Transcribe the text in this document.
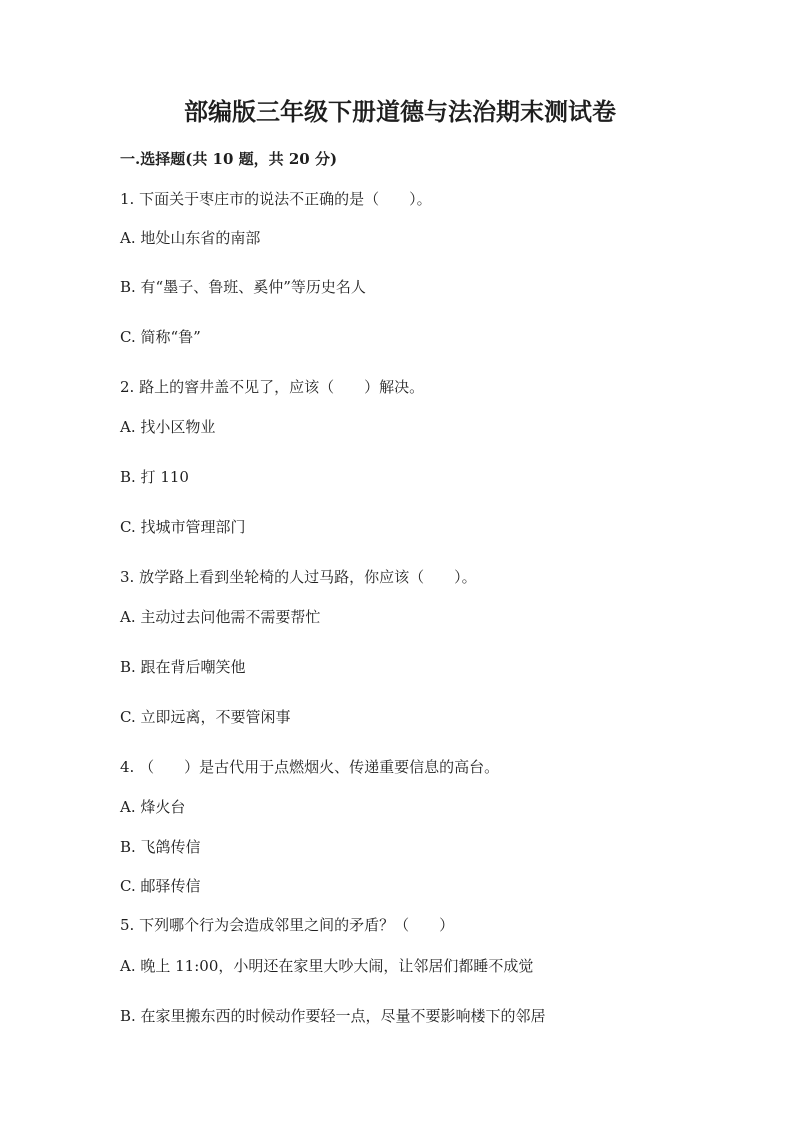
部编版三年级下册道德与法治期末测试卷
一.选择题(共 10 题，共 20 分)
1. 下面关于枣庄市的说法不正确的是（　　）。
A. 地处山东省的南部
B. 有“墨子、鲁班、奚仲”等历史名人
C. 简称“鲁”
2. 路上的窨井盖不见了，应该（　　）解决。
A. 找小区物业
B. 打 110
C. 找城市管理部门
3. 放学路上看到坐轮椅的人过马路，你应该（　　）。
A. 主动过去问他需不需要帮忙
B. 跟在背后嘲笑他
C. 立即远离，不要管闲事
4. （　　）是古代用于点燃烟火、传递重要信息的高台。
A. 烽火台
B. 飞鸽传信
C. 邮驿传信
5. 下列哪个行为会造成邻里之间的矛盾？（　　）
A. 晚上 11:00，小明还在家里大吵大闹，让邻居们都睡不成觉
B. 在家里搬东西的时候动作要轻一点，尽量不要影响楼下的邻居
